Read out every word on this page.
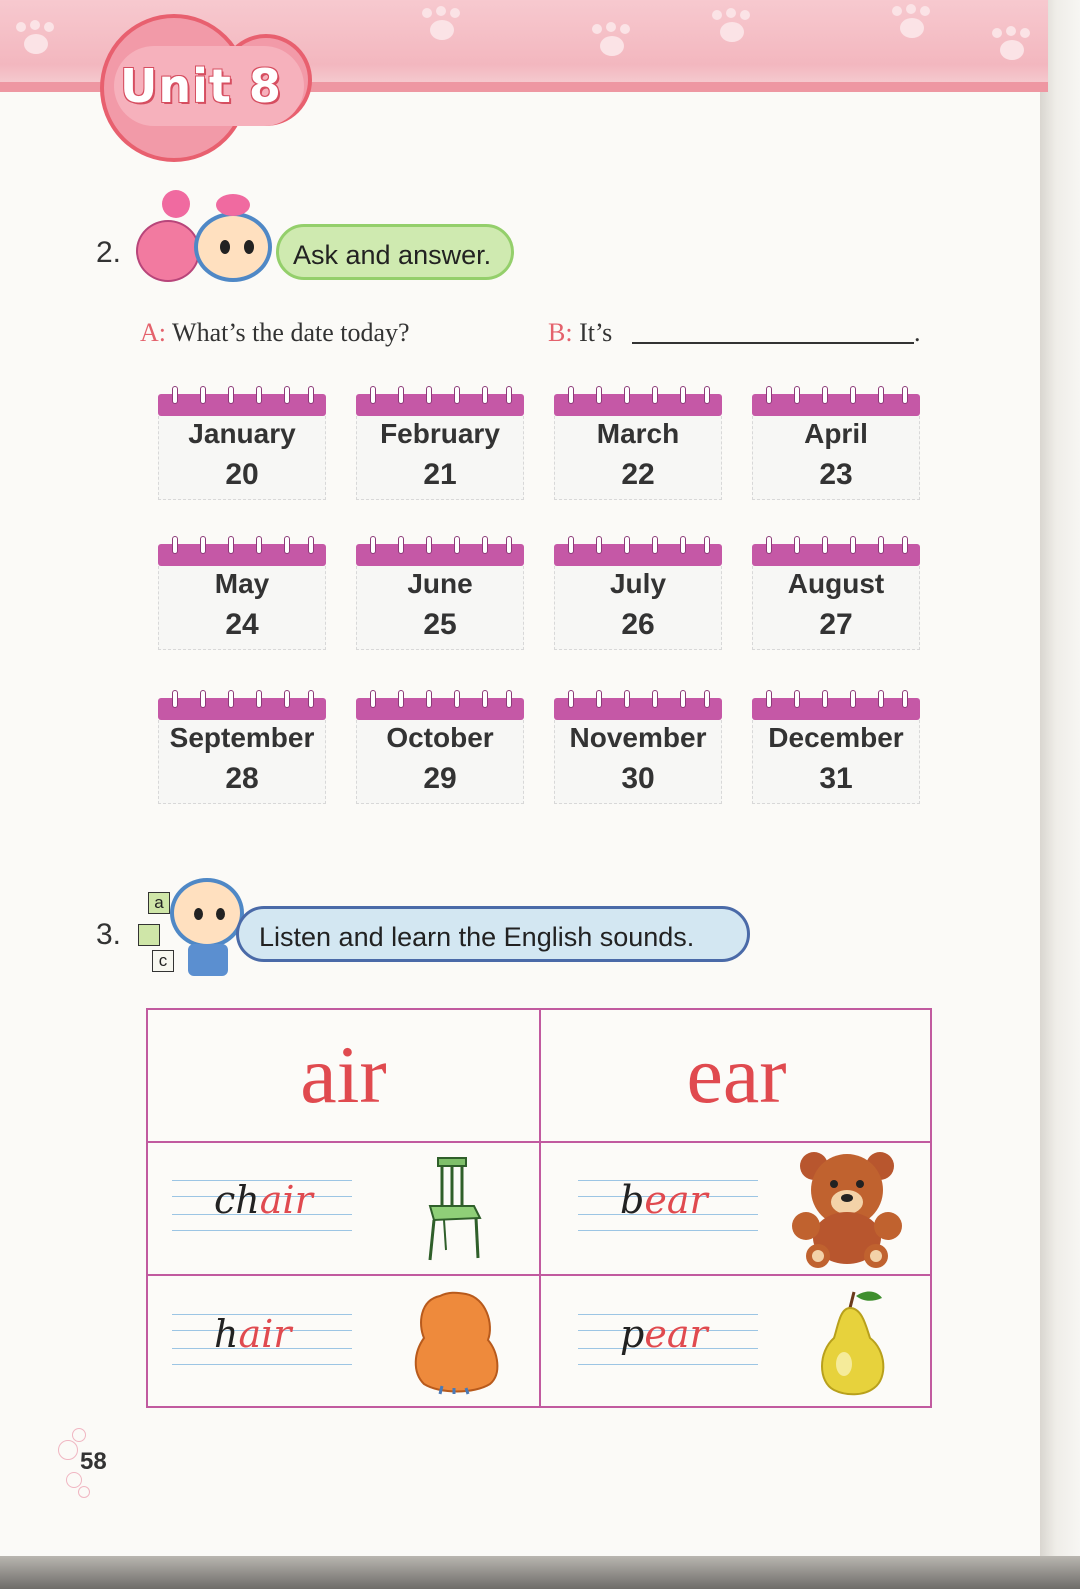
Unit 8
2.	Ask and answer.
A: What’s the date today?	B: It’s	.
January
20
February
21
March
22
April
23
May
24
June
25
July
26
August
27
September
28
October
29
November
30
December
31
3.
a
c
Listen and learn the English sounds.
air	ear
chair	bear
hair	pear
58
